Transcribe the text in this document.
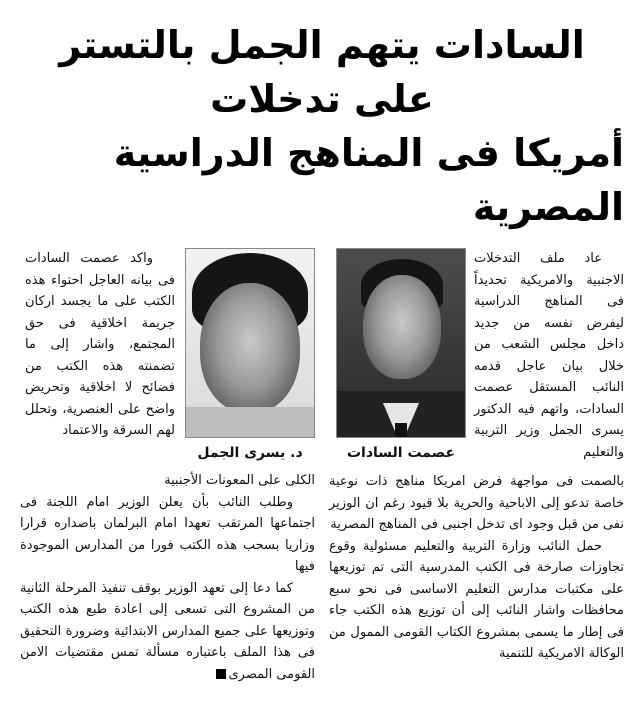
السادات يتهم الجمل بالتستر على تدخلات
أمريكا فى المناهج الدراسية المصرية

عاد ملف التدخلات الاجنبية والامريكية تحديداً فى المناهج الدراسية ليفرض نفسه من جديد داخل مجلس الشعب من خلال بيان عاجل قدمه النائب المستقل عصمت السادات، واتهم فيه الدكتور يسرى الجمل وزير التربية والتعليم

عصمت السادات

بالصمت فى مواجهة فرض امريكا مناهج ذات نوعية خاصة تدعو إلى الاباحية والحرية بلا قيود رغم ان الوزير نفى من قبل وجود اى تدخل اجنبى فى المناهج المصرية

حمل النائب وزارة التربية والتعليم مسئولية وقوع تجاوزات صارخة فى الكتب المدرسية التى تم توزيعها على مكتبات مدارس التعليم الاساسى فى نحو سبع محافظات واشار النائب إلى أن توزيع هذه الكتب جاء فى إطار ما يسمى بمشروع الكتاب القومى الممول من الوكالة الامريكية للتنمية

د. يسرى الجمل

واكد عصمت السادات فى بيانه العاجل احتواء هذه الكتب على ما يجسد اركان جريمة اخلاقية فى حق المجتمع، واشار إلى ما تضمنته هذه الكتب من فضائح لا اخلاقية وتحريض واضح على العنصرية، وتحلل لهم السرقة والاعتماد

الكلى على المعونات الأجنبية

وطلب النائب بأن يعلن الوزير امام اللجنة فى اجتماعها المرتقب تعهدا امام البرلمان باصداره قرارا وزاريا بسحب هذه الكتب فورا من المدارس الموجودة فيها

كما دعا إلى تعهد الوزير بوقف تنفيذ المرحلة الثانية من المشروع التى تسعى إلى اعادة طبع هذه الكتب وتوزيعها على جميع المدارس الابتدائية وضرورة التحقيق فى هذا الملف باعتباره مسألة تمس مقتضيات الامن القومى المصرى
